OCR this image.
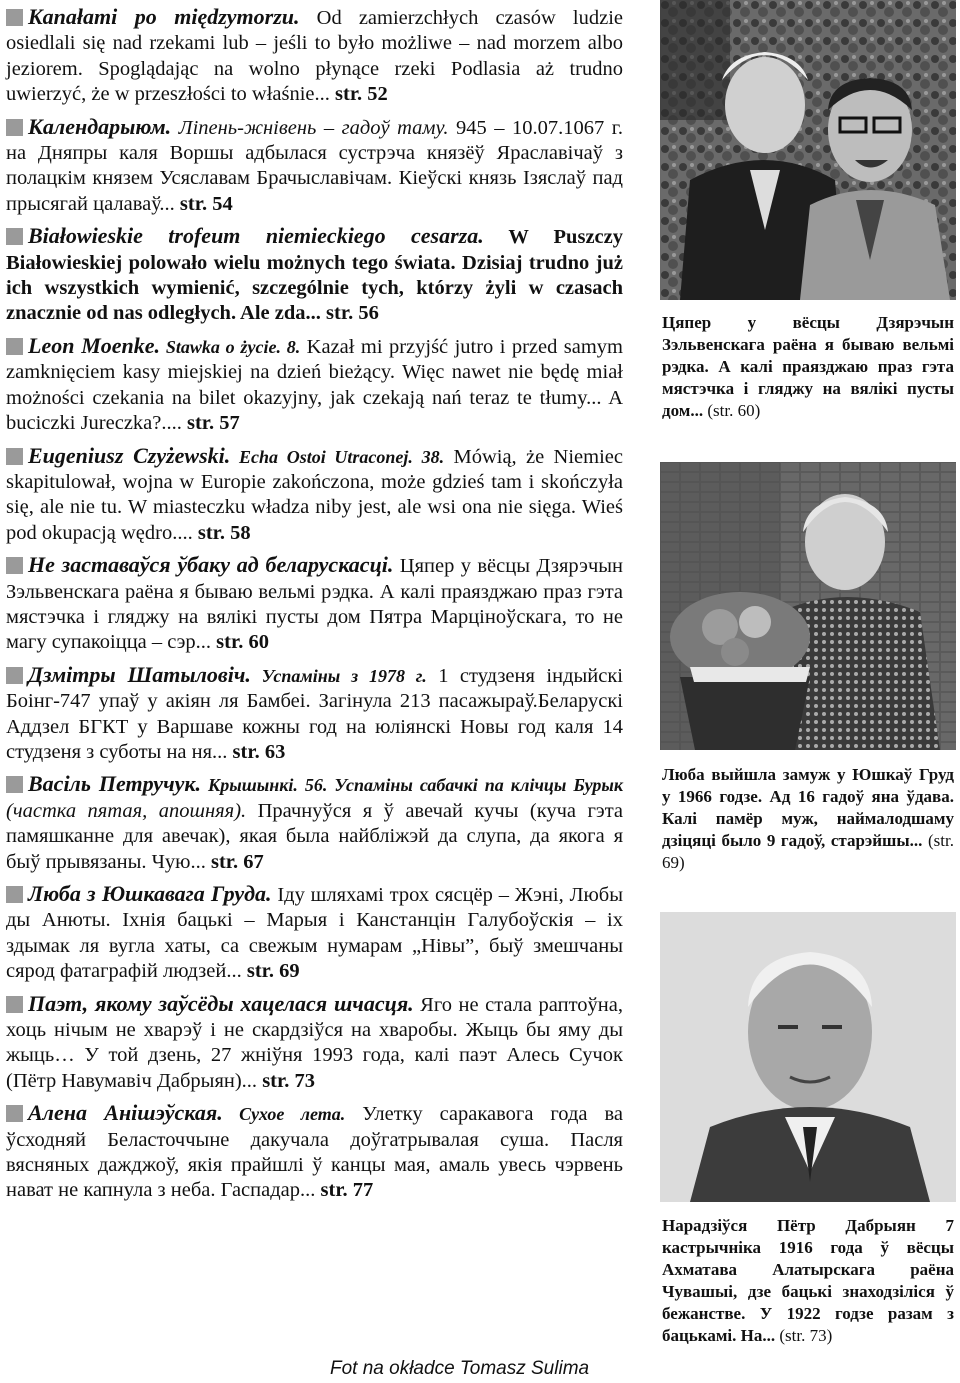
Kanałami po międzymorzu. Od zamierzchłych czasów ludzie osiedlali się nad rzekami lub – jeśli to było możliwe – nad morzem albo jeziorem. Spoglądając na wolno płynące rzeki Podlasia aż trudno uwierzyć, że w przeszłości to właśnie... str. 52
Календарыюм. Ліпень-жнівень – гадоў таму. 945 – 10.07.1067 г. на Дняпры каля Воршы адбылася сустрэча князёў Яраславічаў з полацкім князем Усяславам Брачыславічам. Кіеўскі князь Ізяслаў пад прысягай цалаваў... str. 54
Białowieskie trofeum niemieckiego cesarza. W Puszczy Białowieskiej polowało wielu możnych tego świata. Dzisiaj trudno już ich wszystkich wymienić, szczególnie tych, którzy żyli w czasach znacznie od nas odległych. Ale zda... str. 56
Leon Moenke. Stawka o życie. 8. Kazał mi przyjść jutro i przed samym zamknięciem kasy miejskiej na dzień bieżący. Więc nawet nie będę miał możności czekania na bilet okazyjny, jak czekają nań teraz te tłumy... A buciczki Jureczka?.... str. 57
Eugeniusz Czyżewski. Echa Ostoi Utraconej. 38. Mówią, że Niemiec skapitulował, wojna w Europie zakończona, może gdzieś tam i skończyła się, ale nie tu. W miasteczku władza niby jest, ale wsi ona nie sięga. Wieś pod okupacją wędro.... str. 58
Не заставаўся ўбаку ад беларускасці. Цяпер у вёсцы Дзярэчын Зэльвенскага раёна я бываю вельмі рэдка. А калі праязджаю праз гэта мястэчка і гляджу на вялікі пусты дом Пятра Марціноўскага, то не магу супакоіцца – сэр... str. 60
Дзмітры Шатыловіч. Успаміны з 1978 г. 1 студзеня індыйскі Боінг-747 упаў у акіян ля Бамбеі. Загінула 213 пасажыраў.Беларускі Аддзел БГКТ у Варшаве кожны год на юліянскі Новы год каля 14 студзеня з суботы на ня... str. 63
Васіль Петручук. Крышынкі. 56. Успаміны сабачкі па клічцы Бурык (частка пятая, апошняя). Прачнуўся я ў авечай кучы (куча гэта памяшканне для авечак), якая была найбліжэй да слупа, да якога я быў прывязаны. Чую... str. 67
Люба з Юшкавага Груда. Іду шляхамі трох сясцёр – Жэні, Любы ды Анюты. Іхнія бацькі – Марыя і Канстанцін Галубоўскія – іх здымак ля вугла хаты, са свежым нумарам „Нівы”, быў змешчаны сярод фатаграфій людзей... str. 69
Паэт, якому заўсёды хацелася шчасця. Яго не стала раптоўна, хоць нічым не хварэў і не скардзіўся на хваробы. Жыць бы яму ды жыць… У той дзень, 27 жніўня 1993 года, калі паэт Алесь Сучок (Пётр Навумавіч Дабрыян)... str. 73
Алена Анішэўская. Сухое лета. Улетку саракавога года ва ўсходняй Беласточчыне дакучала доўгатрывалая суша. Пасля вясняных дажджоў, якія прайшлі ў канцы мая, амаль увесь чэрвень нават не капнула з неба. Гаспадар... str. 77
Fot na okładce Tomasz Sulima
Цяпер у вёсцы Дзярэчын Зэльвенскага раёна я бываю вельмі рэдка. А калі праязджаю праз гэта мястэчка і гляджу на вялікі пусты дом... (str. 60)
Люба выйшла замуж у Юшкаў Груд у 1966 годзе. Ад 16 гадоў яна ўдава. Калі памёр муж, наймалодшаму дзіцяці было 9 гадоў, старэйшы... (str. 69)
Нарадзіўся Пётр Дабрыян 7 кастрычніка 1916 года ў вёсцы Ахматава Алатырскага раёна Чувашыі, дзе бацькі знаходзіліся ў бежанстве. У 1922 годзе разам з бацькамі. На... (str. 73)
